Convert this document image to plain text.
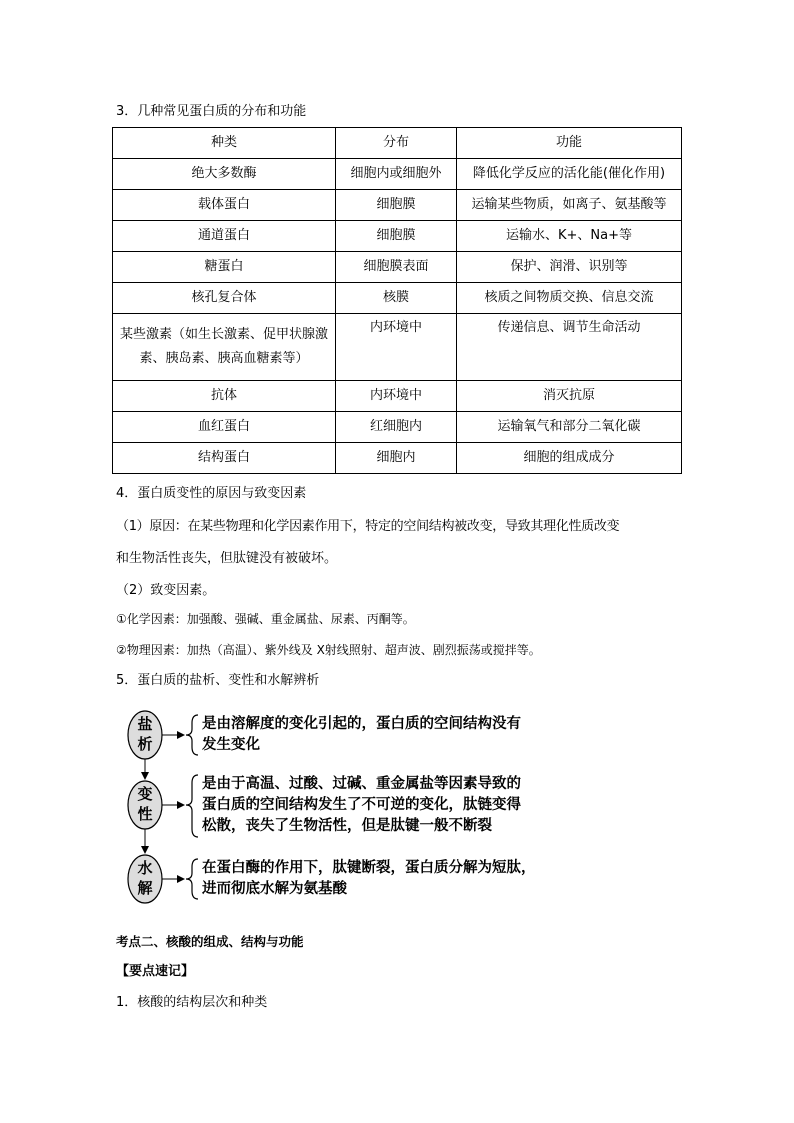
3．几种常见蛋白质的分布和功能
种类	分布	功能
绝大多数酶	细胞内或细胞外	降低化学反应的活化能(催化作用)
载体蛋白	细胞膜	运输某些物质，如离子、氨基酸等
通道蛋白	细胞膜	运输水、K+、Na+等
糖蛋白	细胞膜表面	保护、润滑、识别等
核孔复合体	核膜	核质之间物质交换、信息交流
某些激素（如生长激素、促甲状腺激素、胰岛素、胰高血糖素等）	内环境中	传递信息、调节生命活动
抗体	内环境中	消灭抗原
血红蛋白	红细胞内	运输氧气和部分二氧化碳
结构蛋白	细胞内	细胞的组成成分
4．蛋白质变性的原因与致变因素
（1）原因：在某些物理和化学因素作用下，特定的空间结构被改变，导致其理化性质改变
和生物活性丧失，但肽键没有被破坏。
（2）致变因素。
①化学因素：加强酸、强碱、重金属盐、尿素、丙酮等。
②物理因素：加热（高温）、紫外线及 X射线照射、超声波、剧烈振荡或搅拌等。
5．蛋白质的盐析、变性和水解辨析
盐
析
变
性
水
解
是由溶解度的变化引起的，蛋白质的空间结构没有
发生变化
是由于高温、过酸、过碱、重金属盐等因素导致的
蛋白质的空间结构发生了不可逆的变化，肽链变得
松散，丧失了生物活性，但是肽键一般不断裂
在蛋白酶的作用下，肽键断裂，蛋白质分解为短肽，
进而彻底水解为氨基酸
考点二、核酸的组成、结构与功能
【要点速记】
1．核酸的结构层次和种类
